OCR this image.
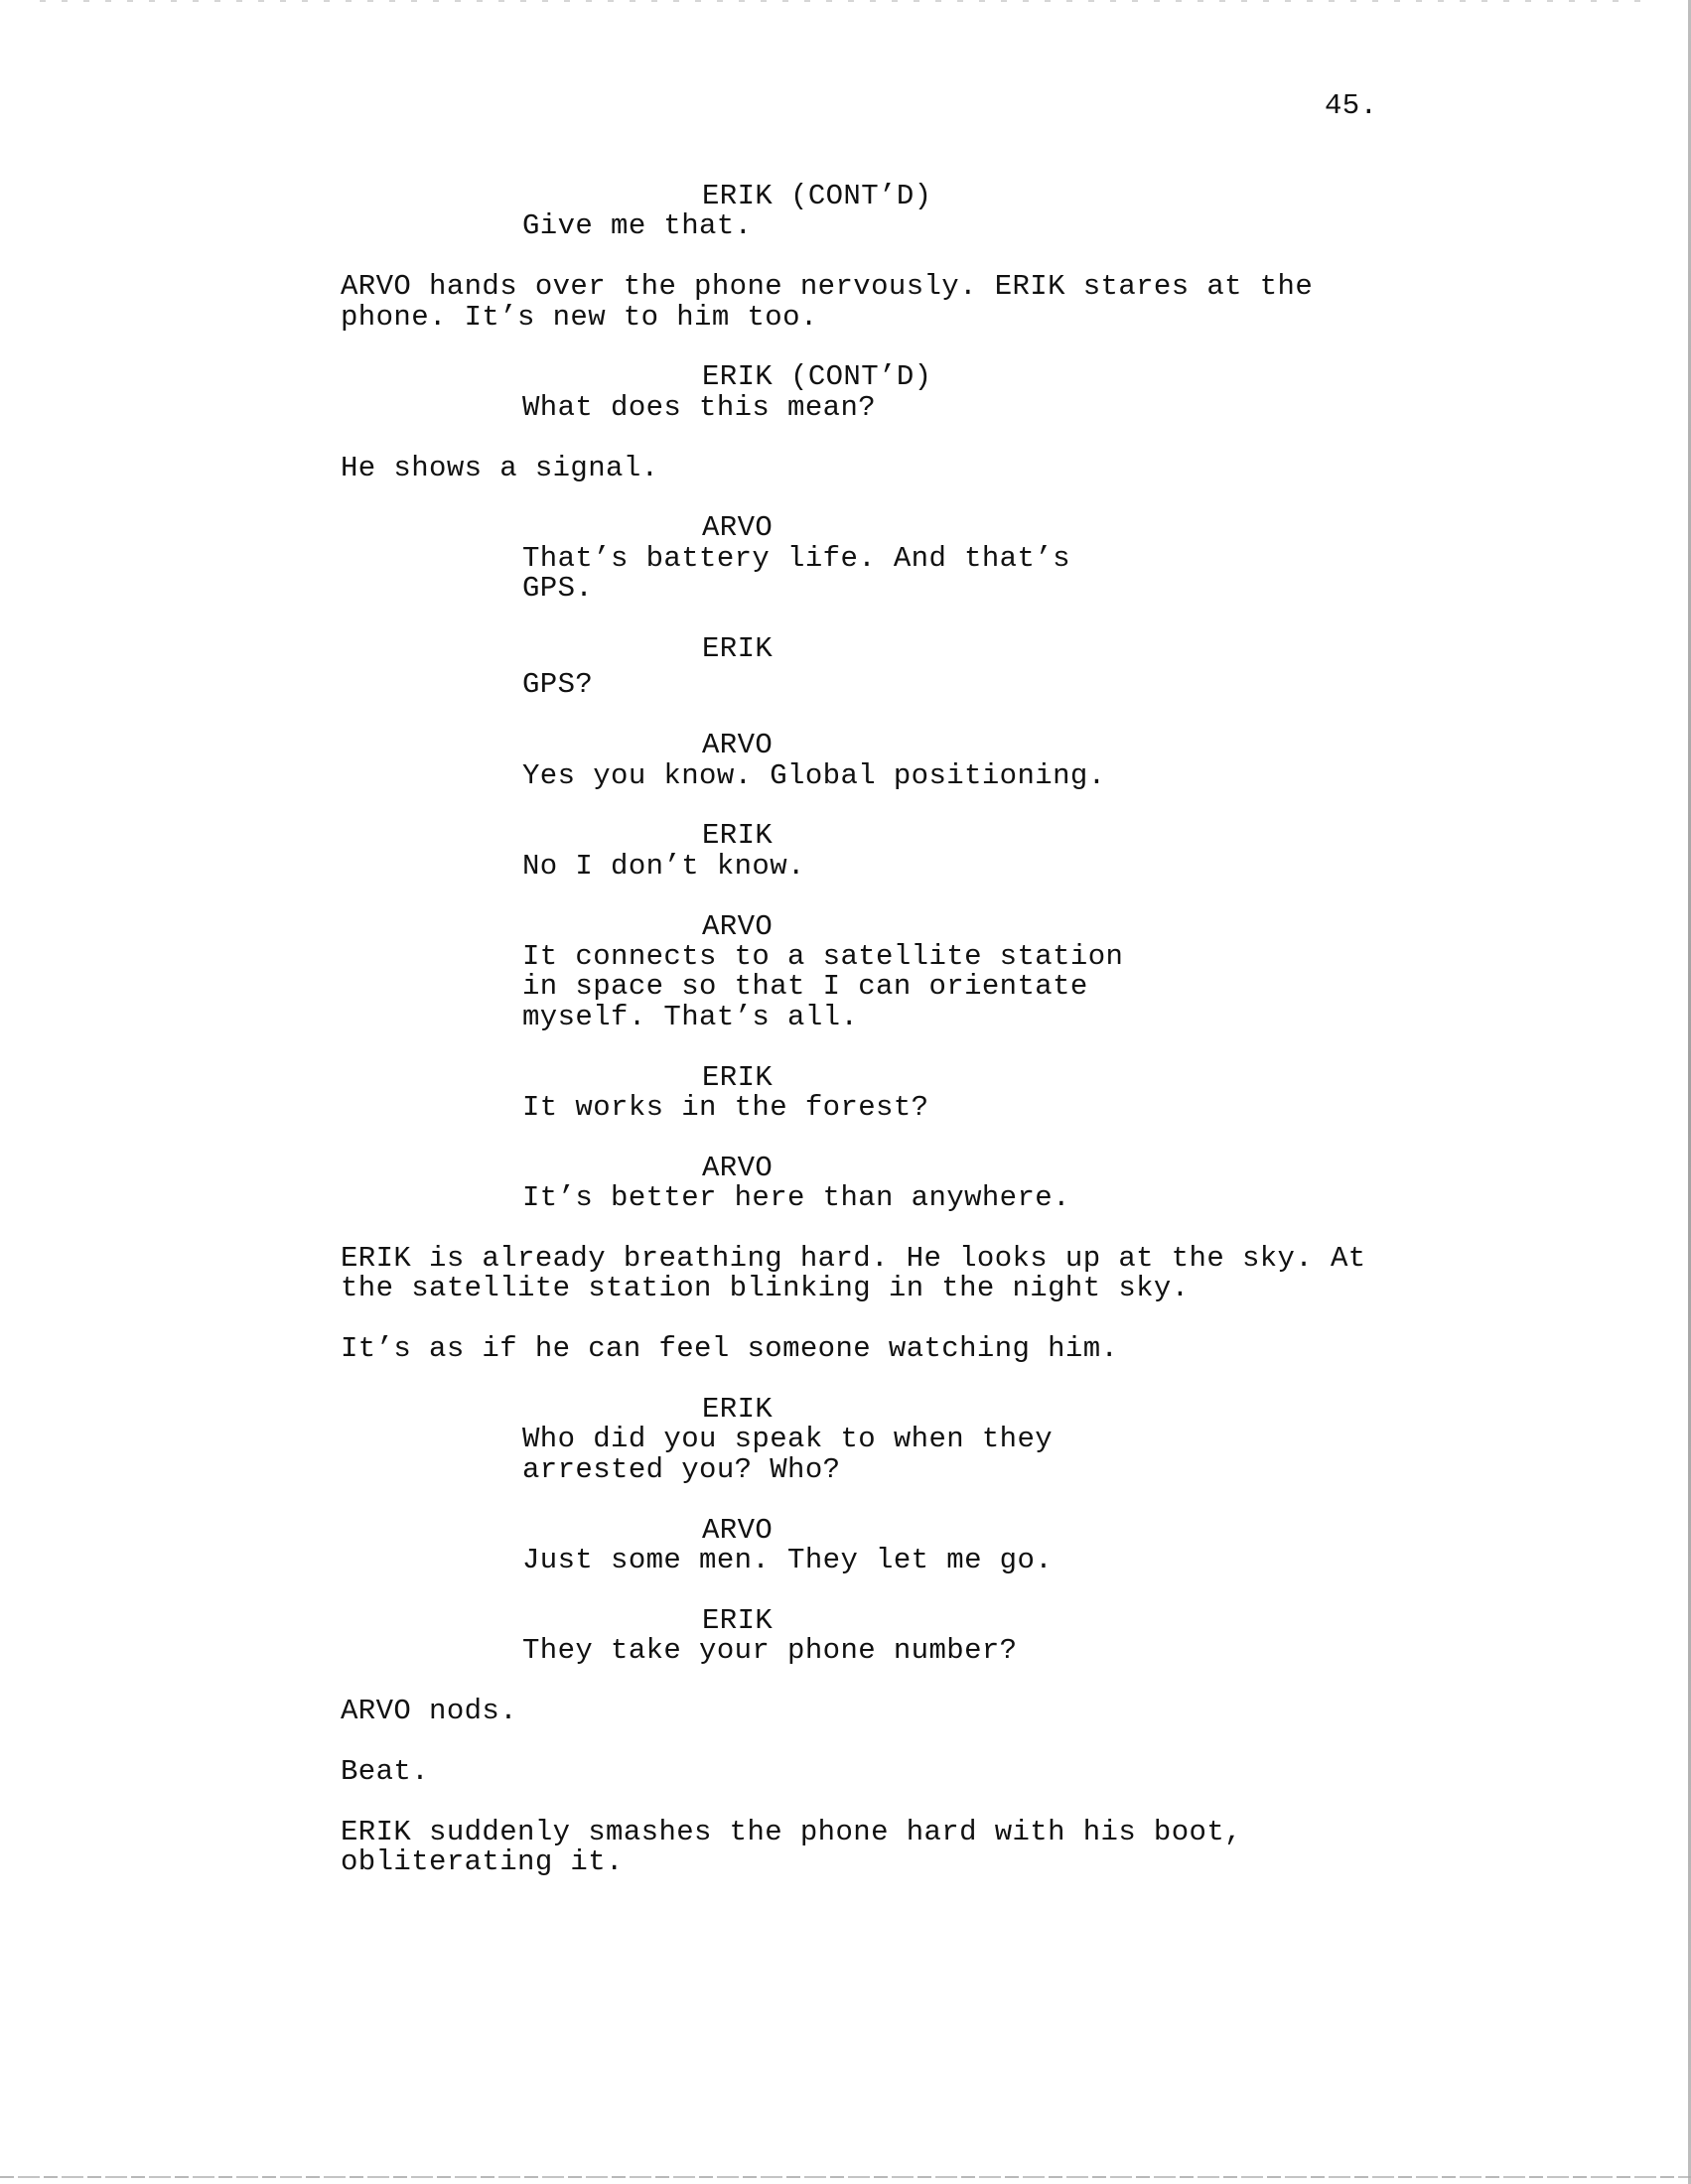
45.
ERIK (CONT’D)
Give me that.
ARVO hands over the phone nervously. ERIK stares at the phone. It’s new to him too.
ERIK (CONT’D)
What does this mean?
He shows a signal.
ARVO
That’s battery life. And that’s GPS.
ERIK
GPS?
ARVO
Yes you know. Global positioning.
ERIK
No I don’t know.
ARVO
It connects to a satellite station in space so that I can orientate myself. That’s all.
ERIK
It works in the forest?
ARVO
It’s better here than anywhere.
ERIK is already breathing hard. He looks up at the sky. At the satellite station blinking in the night sky.
It’s as if he can feel someone watching him.
ERIK
Who did you speak to when they arrested you? Who?
ARVO
Just some men. They let me go.
ERIK
They take your phone number?
ARVO nods.
Beat.
ERIK suddenly smashes the phone hard with his boot, obliterating it.
